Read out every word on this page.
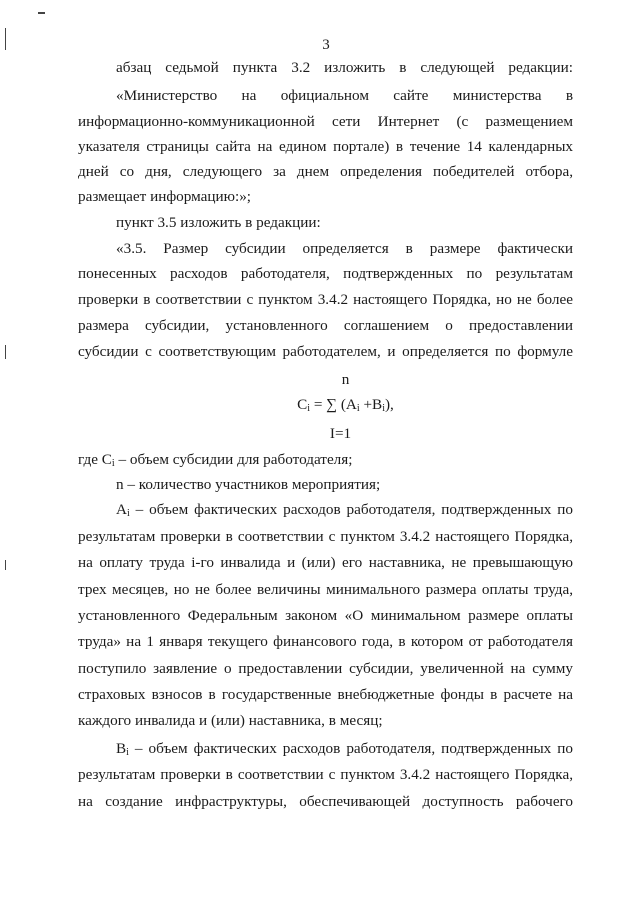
3
абзац седьмой пункта 3.2 изложить в следующей редакции:
«Министерство на официальном сайте министерства в
информационно-коммуникационной сети Интернет (с размещением
указателя страницы сайта на едином портале) в течение 14 календарных
дней со дня, следующего за днем определения победителей отбора,
размещает информацию:»;
пункт 3.5 изложить в редакции:
«3.5. Размер субсидии определяется в размере фактически
понесенных расходов работодателя, подтвержденных по результатам
проверки в соответствии с пунктом 3.4.2 настоящего Порядка, но не более
размера субсидии, установленного соглашением о предоставлении
субсидии с соответствующим работодателем, и определяется по формуле
n
$C_i$ = ∑ $(A_i +B_i)$,
I=1
где $C_i$ – объем субсидии для работодателя;
n – количество участников мероприятия;
$A_i$ – объем фактических расходов работодателя, подтвержденных по
результатам проверки в соответствии с пунктом 3.4.2 настоящего Порядка,
на оплату труда i-го инвалида и (или) его наставника, не превышающую
трех месяцев, но не более величины минимального размера оплаты труда,
установленного Федеральным законом «О минимальном размере оплаты
труда» на 1 января текущего финансового года, в котором от работодателя
поступило заявление о предоставлении субсидии, увеличенной на сумму
страховых взносов в государственные внебюджетные фонды в расчете на
каждого инвалида и (или) наставника, в месяц;
$B_i$ – объем фактических расходов работодателя, подтвержденных по
результатам проверки в соответствии с пунктом 3.4.2 настоящего Порядка,
на создание инфраструктуры, обеспечивающей доступность рабочего
